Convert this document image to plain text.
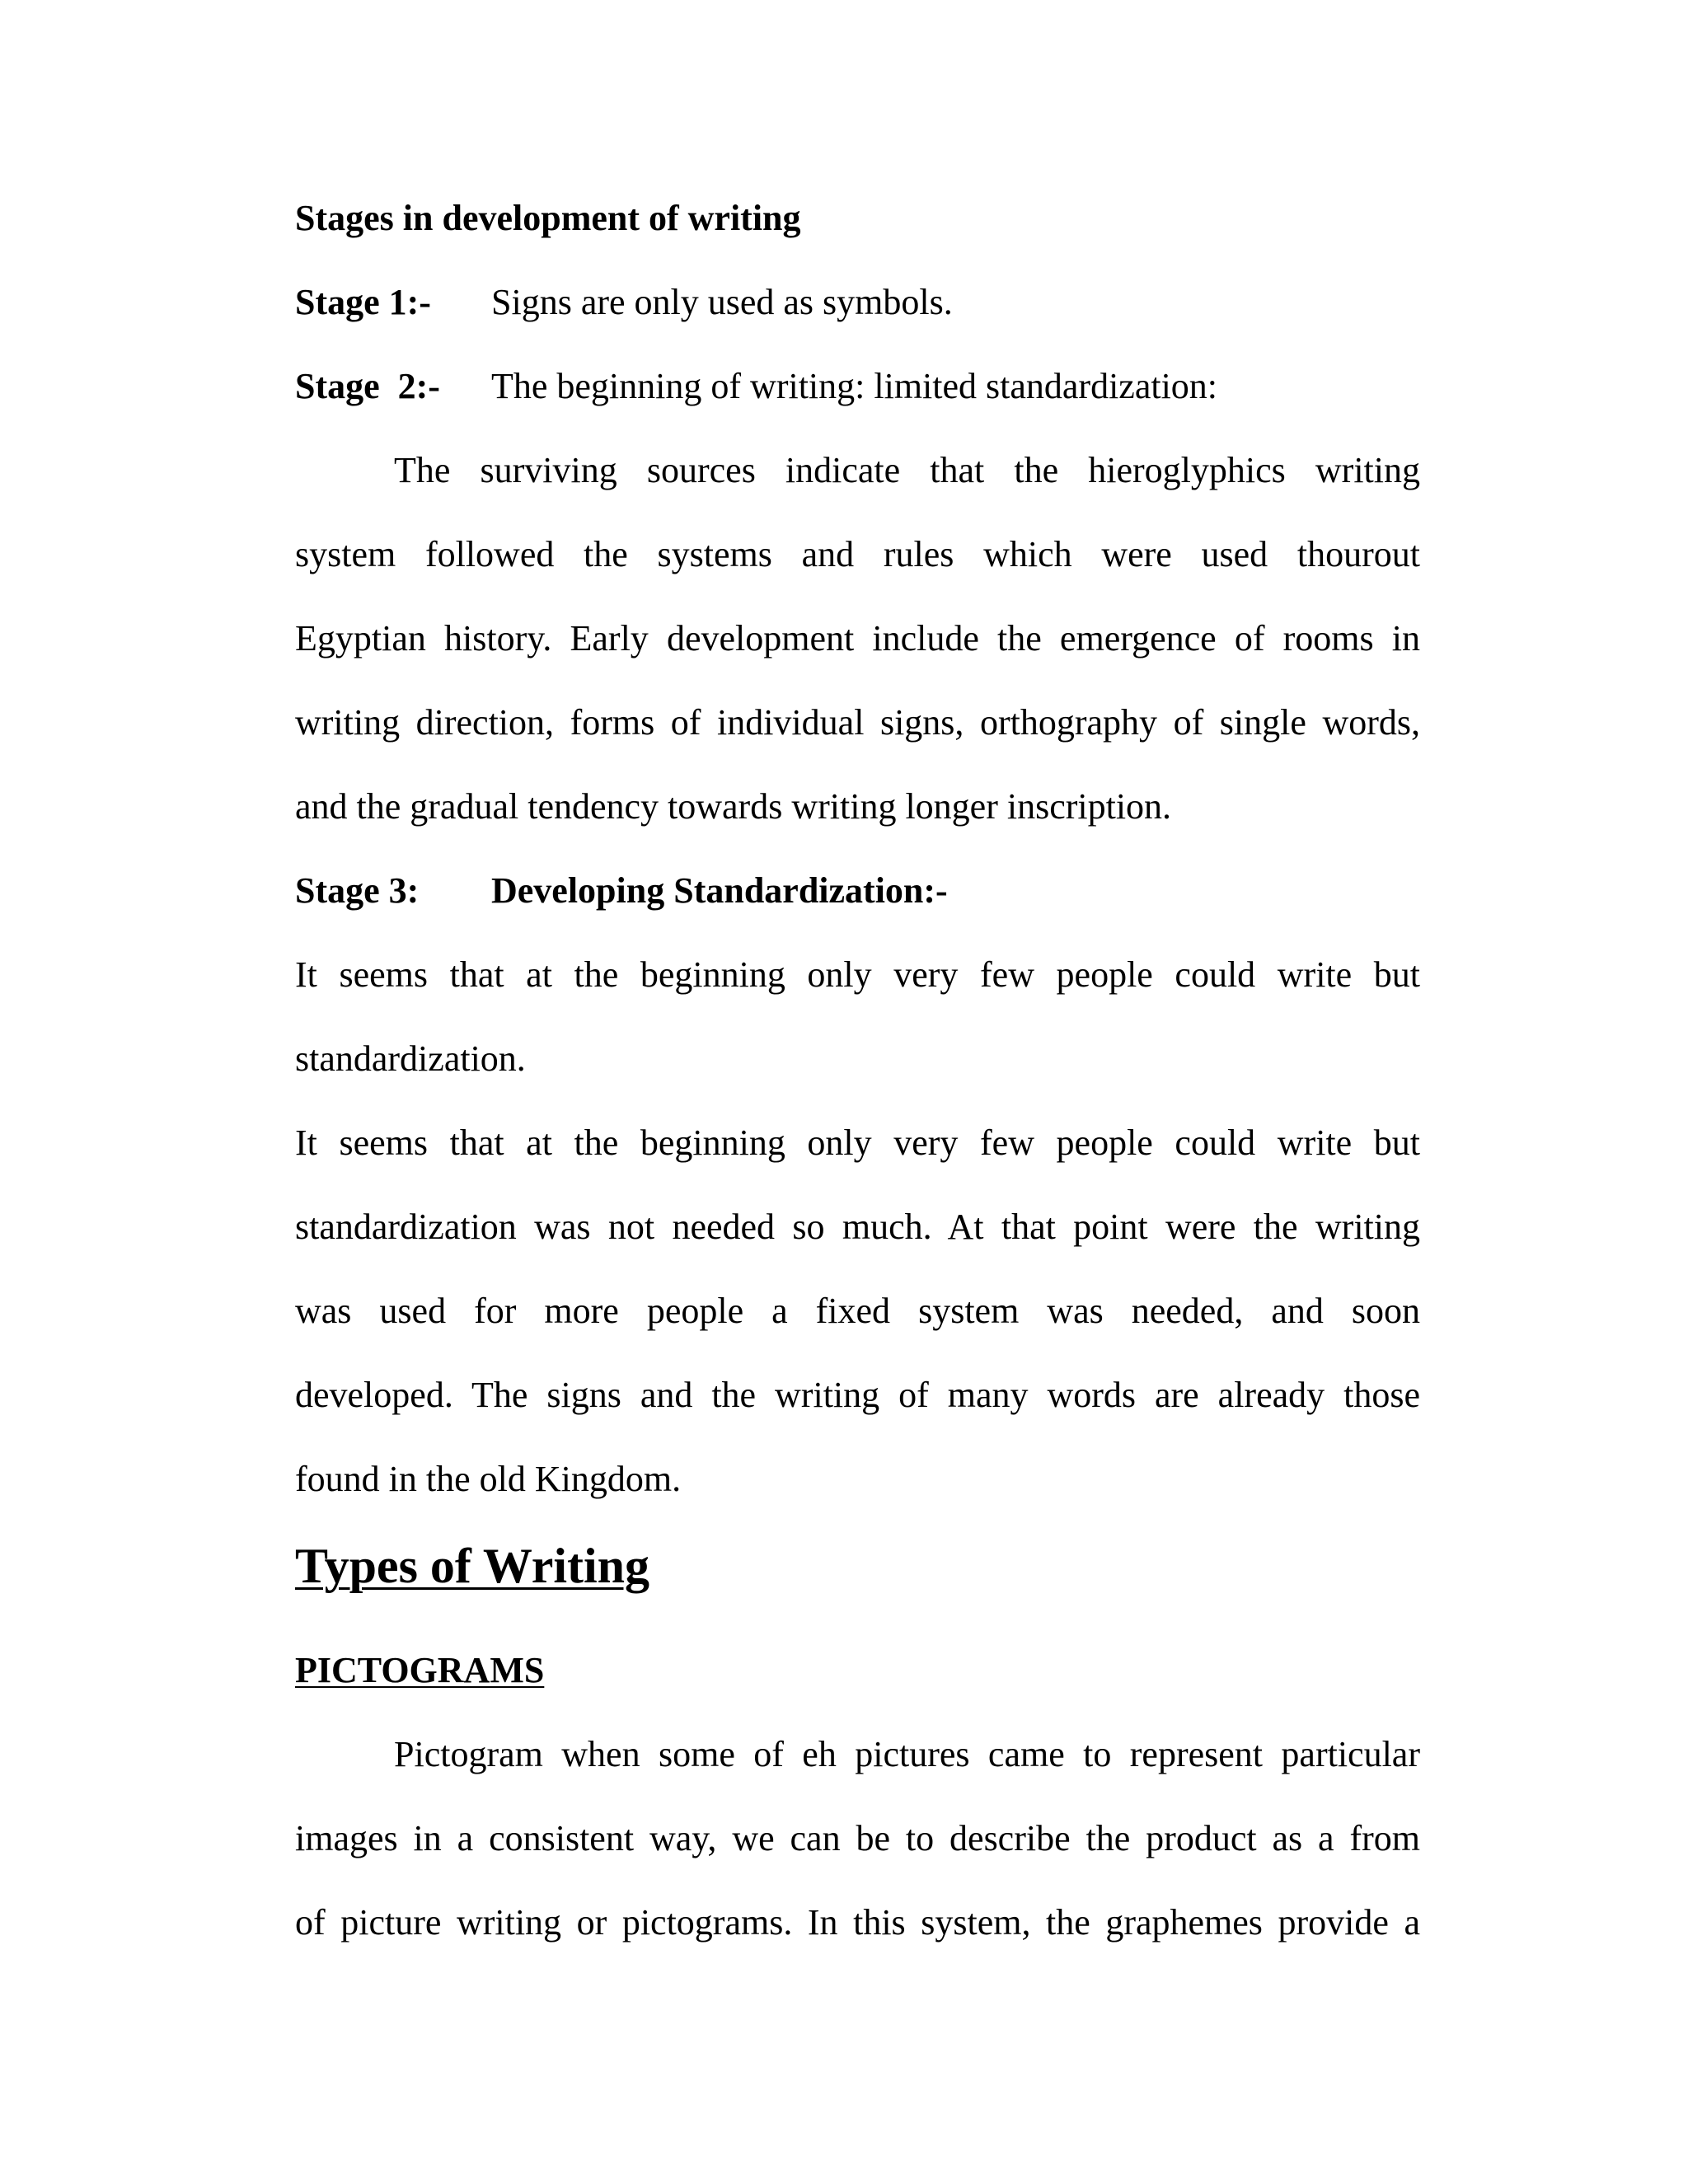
Stages in development of writing
Stage 1:- Signs are only used as symbols.
Stage  2:- The beginning of writing: limited standardization:
The surviving sources indicate that the hieroglyphics writing
system followed the systems and rules which were used thourout
Egyptian history. Early development include the emergence of rooms in
writing direction, forms of individual signs, orthography of single words,
and the gradual tendency towards writing longer inscription.
Stage 3: Developing Standardization:-
It seems that at the beginning only very few people could write but
standardization.
It seems that at the beginning only very few people could write but
standardization was not needed so much. At that point were the writing
was used for more people a fixed system was needed, and soon
developed. The signs and the writing of many words are already those
found in the old Kingdom.
Types of Writing
PICTOGRAMS
Pictogram when some of eh pictures came to represent particular
images in a consistent way, we can be to describe the product as a from
of picture writing or pictograms. In this system, the graphemes provide a
